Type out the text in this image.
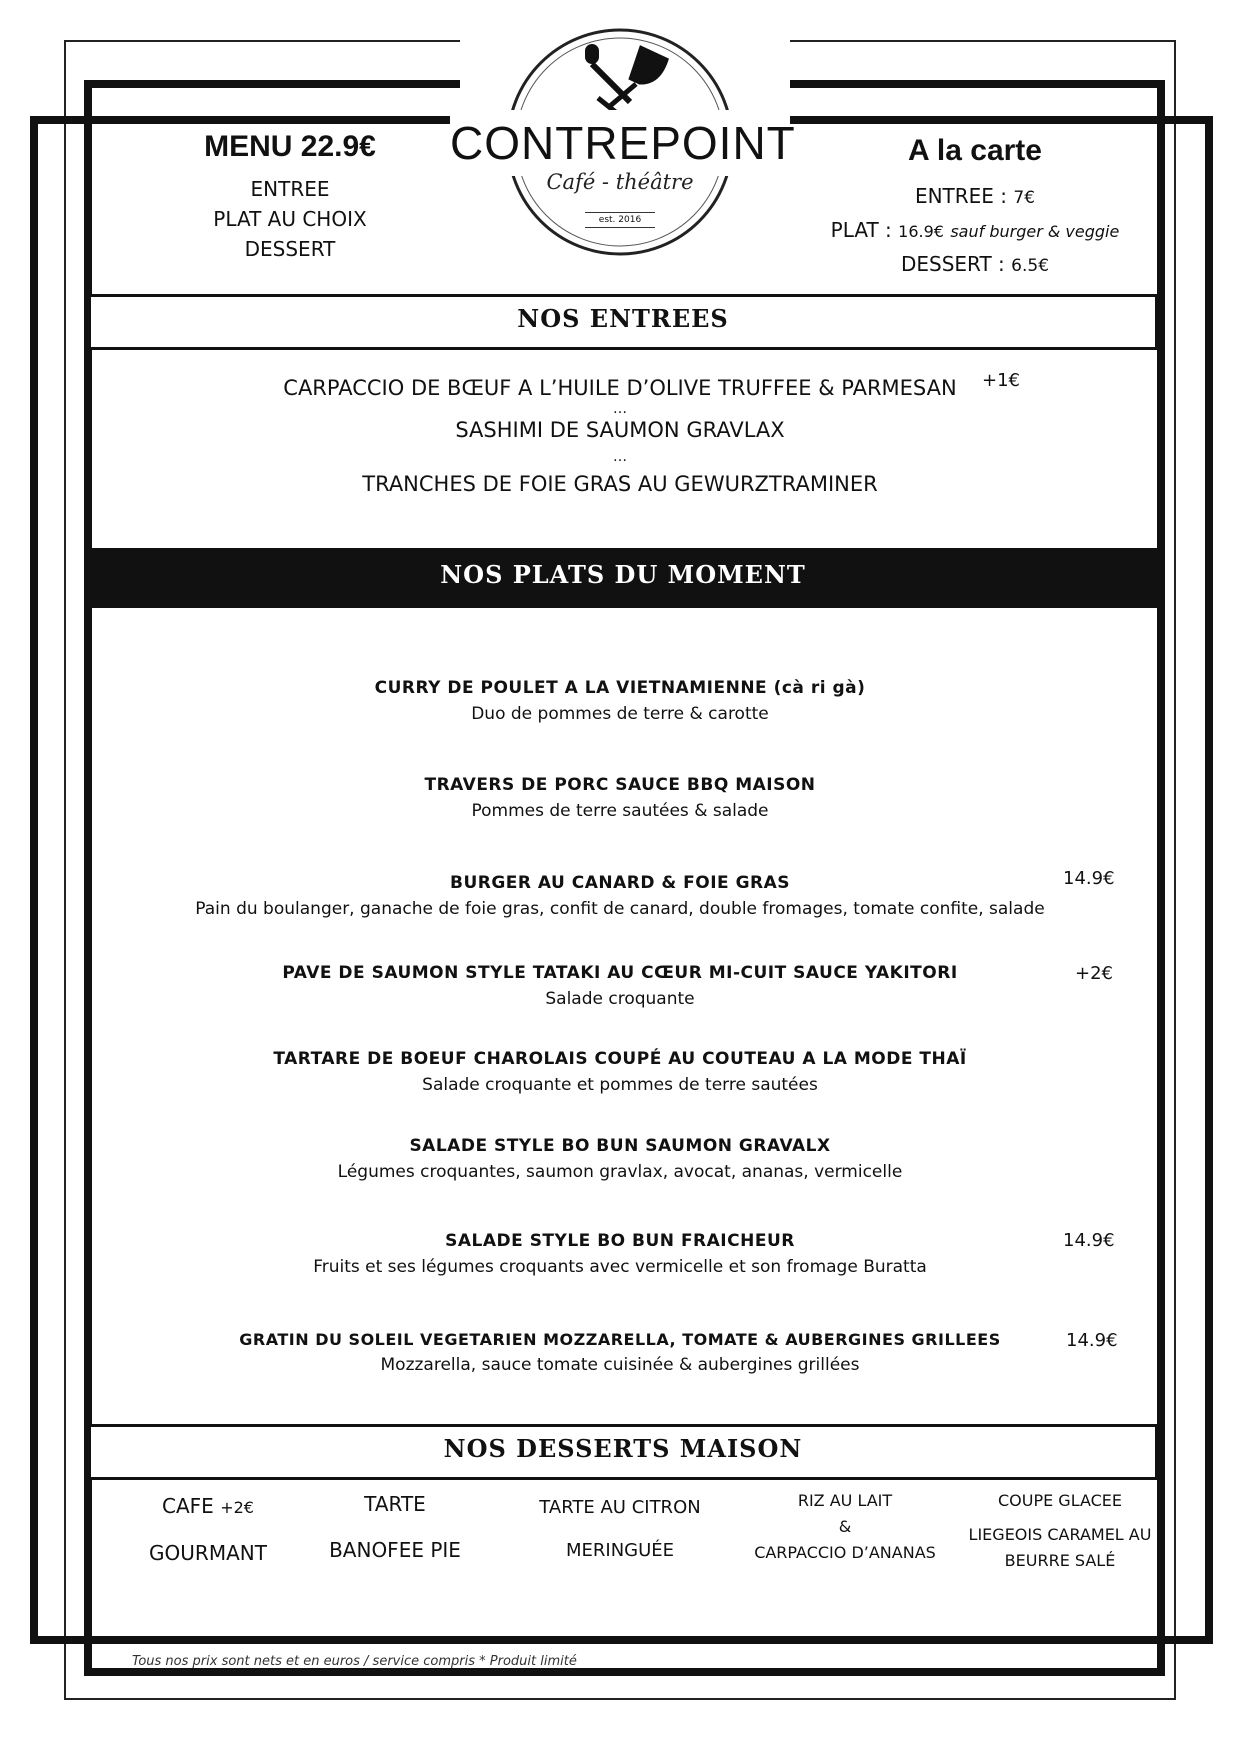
CONTREPOINT
Café - théâtre
est. 2016
MENU 22.9€
ENTREE
PLAT AU CHOIX
DESSERT
A la carte
ENTREE : 7€
PLAT : 16.9€ sauf burger & veggie
DESSERT : 6.5€
NOS ENTREES
CARPACCIO DE BŒUF A L’HUILE D’OLIVE TRUFFEE & PARMESAN
…
SASHIMI DE SAUMON GRAVLAX
…
TRANCHES DE FOIE GRAS AU GEWURZTRAMINER
+1€
NOS PLATS DU MOMENT
CURRY DE POULET A LA VIETNAMIENNE (cà ri gà)
Duo de pommes de terre & carotte
TRAVERS DE PORC SAUCE BBQ MAISON
Pommes de terre sautées & salade
BURGER AU CANARD & FOIE GRAS
Pain du boulanger, ganache de foie gras, confit de canard, double fromages, tomate confite, salade
14.9€
PAVE DE SAUMON STYLE TATAKI AU CŒUR MI-CUIT SAUCE YAKITORI
Salade croquante
+2€
TARTARE DE BOEUF CHAROLAIS COUPÉ AU COUTEAU A LA MODE THAÏ
Salade croquante et pommes de terre sautées
SALADE STYLE BO BUN SAUMON GRAVALX
Légumes croquantes, saumon gravlax, avocat, ananas, vermicelle
SALADE STYLE BO BUN FRAICHEUR
Fruits et ses légumes croquants avec vermicelle et son fromage Buratta
14.9€
GRATIN DU SOLEIL VEGETARIEN MOZZARELLA, TOMATE & AUBERGINES GRILLEES
Mozzarella, sauce tomate cuisinée & aubergines grillées
14.9€
NOS DESSERTS MAISON
CAFE +2€
GOURMANT
TARTE
BANOFEE PIE
TARTE AU CITRON
MERINGUÉE
RIZ AU LAIT
&
CARPACCIO D’ANANAS
COUPE GLACEE
LIEGEOIS CARAMEL AU
BEURRE SALÉ
Tous nos prix sont nets et en euros / service compris * Produit limité
